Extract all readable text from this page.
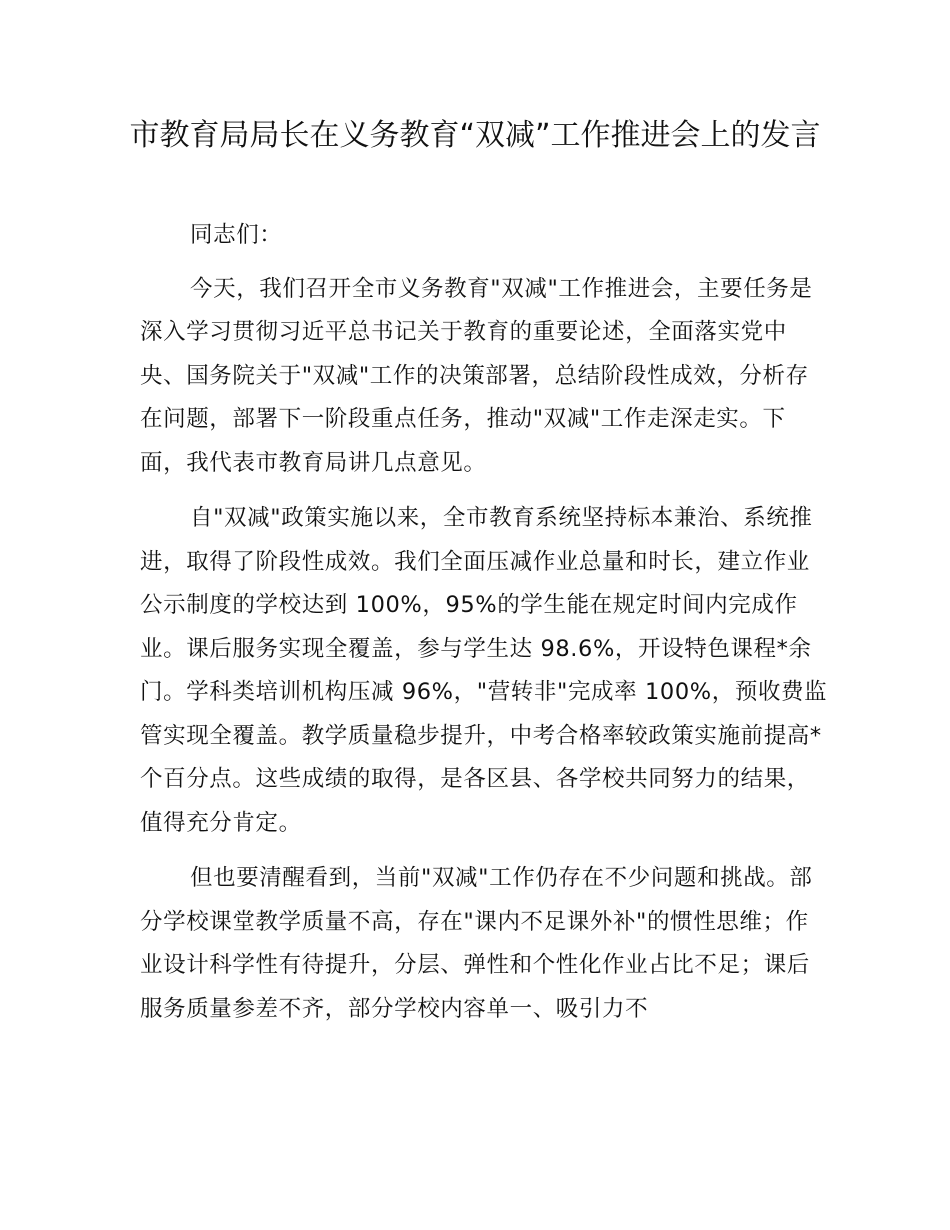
市教育局局长在义务教育“双减”工作推进会上的发言

同志们：

今天，我们召开全市义务教育"双减"工作推进会，主要任务是深入学习贯彻习近平总书记关于教育的重要论述，全面落实党中央、国务院关于"双减"工作的决策部署，总结阶段性成效，分析存在问题，部署下一阶段重点任务，推动"双减"工作走深走实。下面，我代表市教育局讲几点意见。

自"双减"政策实施以来，全市教育系统坚持标本兼治、系统推进，取得了阶段性成效。我们全面压减作业总量和时长，建立作业公示制度的学校达到 100%，95%的学生能在规定时间内完成作业。课后服务实现全覆盖，参与学生达 98.6%，开设特色课程*余门。学科类培训机构压减 96%，"营转非"完成率 100%，预收费监管实现全覆盖。教学质量稳步提升，中考合格率较政策实施前提高*个百分点。这些成绩的取得，是各区县、各学校共同努力的结果，值得充分肯定。

但也要清醒看到，当前"双减"工作仍存在不少问题和挑战。部分学校课堂教学质量不高，存在"课内不足课外补"的惯性思维；作业设计科学性有待提升，分层、弹性和个性化作业占比不足；课后服务质量参差不齐，部分学校内容单一、吸引力不
